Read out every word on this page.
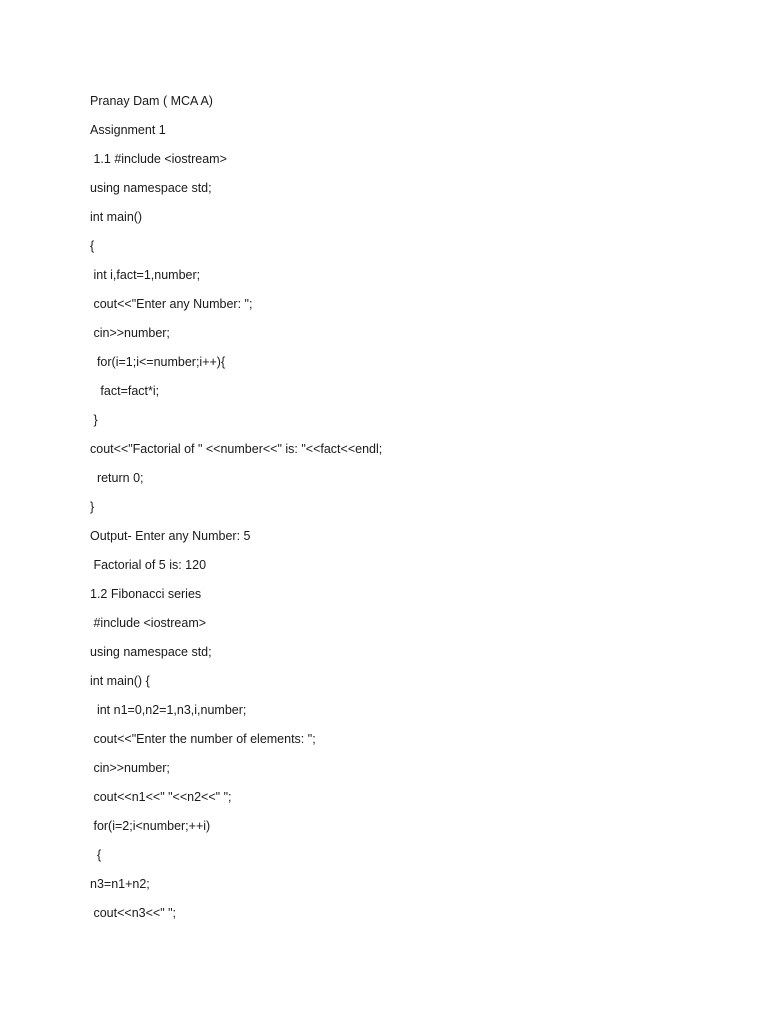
Pranay Dam ( MCA A)
Assignment 1
1.1 #include <iostream>
using namespace std;
int main()
{
int i,fact=1,number;
cout<<"Enter any Number: ";
cin>>number;
for(i=1;i<=number;i++){
fact=fact*i;
}
cout<<"Factorial of " <<number<<" is: "<<fact<<endl;
return 0;
}
Output- Enter any Number: 5
Factorial of 5 is: 120
1.2 Fibonacci series
#include <iostream>
using namespace std;
int main() {
int n1=0,n2=1,n3,i,number;
cout<<"Enter the number of elements: ";
cin>>number;
cout<<n1<<" "<<n2<<" ";
for(i=2;i<number;++i)
{
n3=n1+n2;
cout<<n3<<" ";
